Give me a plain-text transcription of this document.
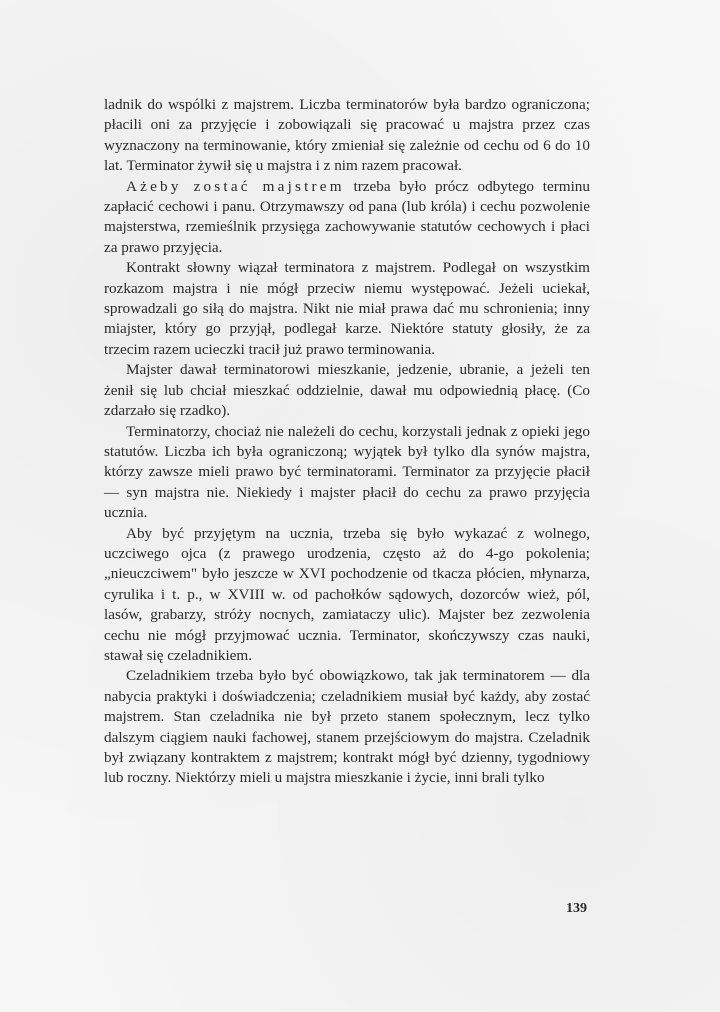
ladnik do wspólki z majstrem. Liczba terminatorów była bardzo ograniczona; płacili oni za przyjęcie i zobowiązali się pracować u majstra przez czas wyznaczony na terminowanie, który zmieniał się zależnie od cechu od 6 do 10 lat. Terminator żywił się u majstra i z nim razem pracował.

Ażeby zostać majstrem trzeba było prócz odbytego terminu zapłacić cechowi i panu. Otrzymawszy od pana (lub króla) i cechu pozwolenie majsterstwa, rzemieślnik przysięga zachowywanie statutów cechowych i płaci za prawo przyjęcia.

Kontrakt słowny wiązał terminatora z majstrem. Podlegał on wszystkim rozkazom majstra i nie mógł przeciw niemu występować. Jeżeli uciekał, sprowadzali go siłą do majstra. Nikt nie miał prawa dać mu schronienia; inny miajster, który go przyjął, podlegał karze. Niektóre statuty głosiły, że za trzecim razem ucieczki tracił już prawo terminowania.

Majster dawał terminatorowi mieszkanie, jedzenie, ubranie, a jeżeli ten żenił się lub chciał mieszkać oddzielnie, dawał mu odpowiednią płacę. (Co zdarzało się rzadko).

Terminatorzy, chociaż nie należeli do cechu, korzystali jednak z opieki jego statutów. Liczba ich była ograniczoną; wyjątek był tylko dla synów majstra, którzy zawsze mieli prawo być terminatorami. Terminator za przyjęcie płacił — syn majstra nie. Niekiedy i majster płacił do cechu za prawo przyjęcia ucznia.

Aby być przyjętym na ucznia, trzeba się było wykazać z wolnego, uczciwego ojca (z prawego urodzenia, często aż do 4-go pokolenia; „nieuczciwem" było jeszcze w XVI pochodzenie od tkacza płócien, młynarza, cyrulika i t. p., w XVIII w. od pachołków sądowych, dozorców wież, pól, lasów, grabarzy, stróży nocnych, zamiataczy ulic). Majster bez zezwolenia cechu nie mógł przyjmować ucznia. Terminator, skończywszy czas nauki, stawał się czeladnikiem.

Czeladnikiem trzeba było być obowiązkowo, tak jak terminatorem — dla nabycia praktyki i doświadczenia; czeladnikiem musiał być każdy, aby zostać majstrem. Stan czeladnika nie był przeto stanem społecznym, lecz tylko dalszym ciągiem nauki fachowej, stanem przejściowym do majstra. Czeladnik był związany kontraktem z majstrem; kontrakt mógł być dzienny, tygodniowy lub roczny. Niektórzy mieli u majstra mieszkanie i życie, inni brali tylko

139
